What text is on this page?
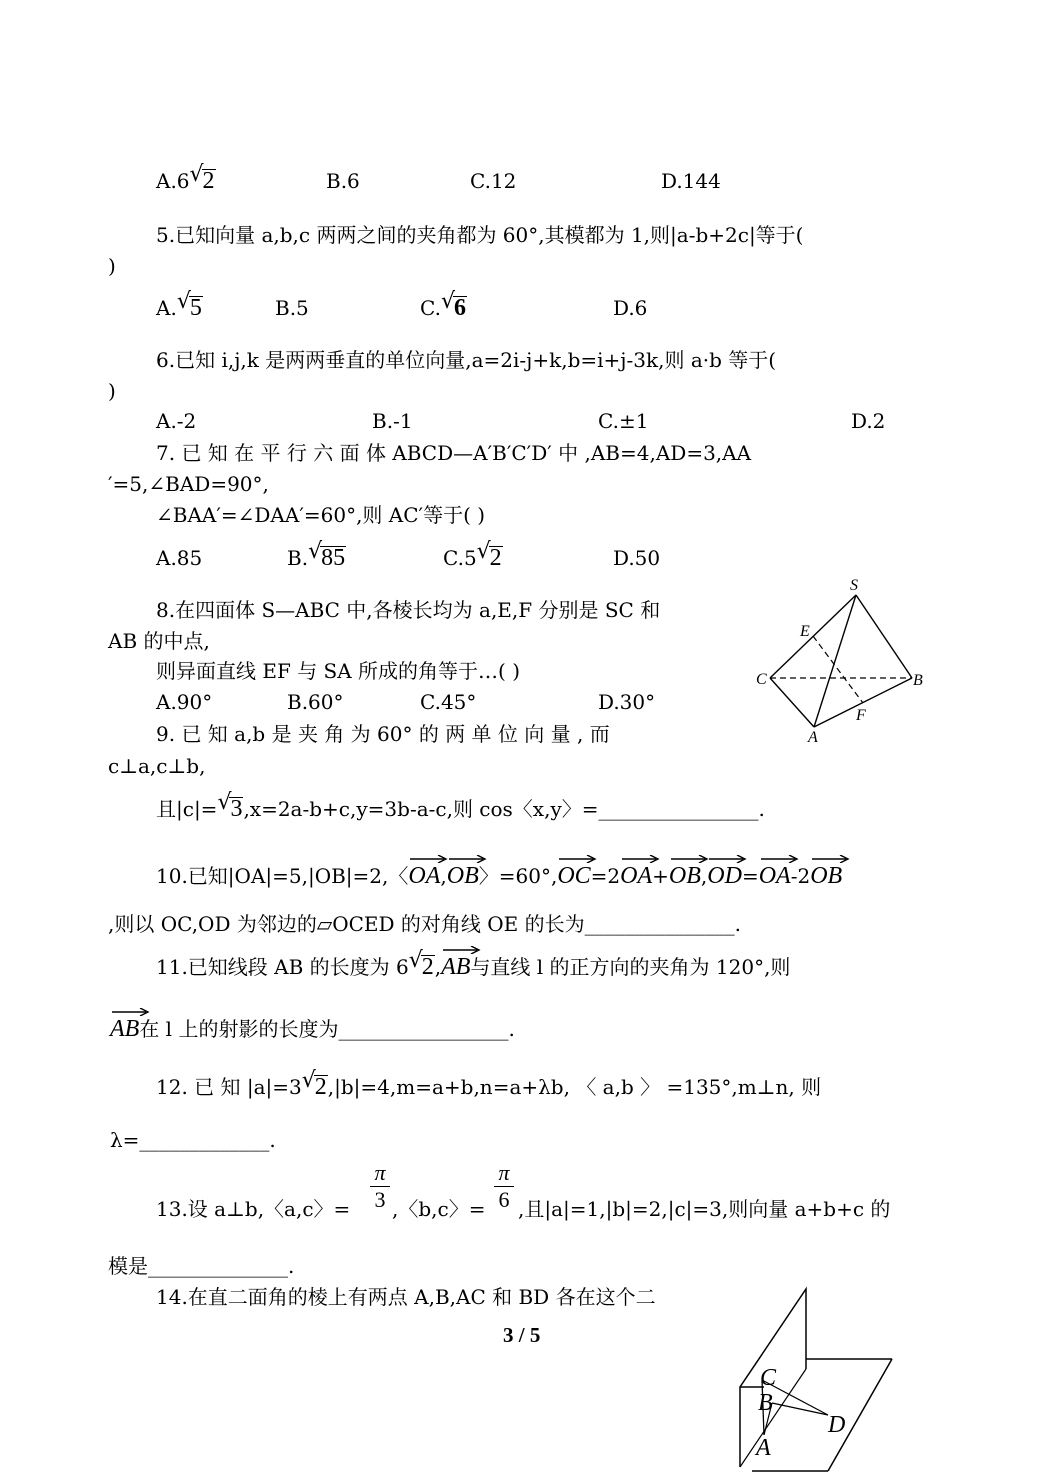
A.6 √
2	B.6	C.12	D.144
5.已知向量 a,b,c 两两之间的夹角都为 60°,其模都为 1,则|a-b+2c|等于(
)
A. √
5	B.5	C. √
6	D.6
6.已知 i,j,k 是两两垂直的单位向量,a=2i-j+k,b=i+j-3k,则 a·b 等于(
)
A.-2	B.-1	C.±1	D.2
7. 已 知 在 平 行 六 面 体 ABCD—A′B′C′D′ 中 ,AB=4,AD=3,AA
′=5,∠BAD=90°,
∠BAA′=∠DAA′=60°,则 AC′等于( )
A.85	B. √
85	C.5 √
2	D.50
8.在四面体 S—ABC 中,各棱长均为 a,E,F 分别是 SC 和
AB 的中点,
则异面直线 EF 与 SA 所成的角等于…( )
A.90°	B.60°	C.45°	D.30°
S
E
C	B
F
A
9. 已 知 a,b 是 夹 角 为 60° 的 两 单 位 向 量 , 而
c⊥a,c⊥b,
且|c|= √
3,x=2a-b+c,y=3b-a-c,则 cos〈x,y〉=________________.
10.已知|OA|=5,|OB|=2,〈
OA,
OB〉=60°,
OC=2
OA+
OB,
OD=
OA-2
OB
,则以 OC,OD 为邻边的▱OCED 的对角线 OE 的长为_______________.
11.已知线段 AB 的长度为 6 √
2,
AB与直线 l 的正方向的夹角为 120°,则
AB在 l 上的射影的长度为_________________.
12. 已 知 |a|=3 √
2,|b|=4,m=a+b,n=a+λb, 〈 a,b 〉 =135°,m⊥n, 则
λ=_____________.
13.设 a⊥b,〈a,c〉= $\frac{\pi}{3}$ ,〈b,c〉= $\frac{\pi}{6}$ ,且|a|=1,|b|=2,|c|=3,则向量 a+b+c 的
模是______________.
14.在直二面角的棱上有两点 A,B,AC 和 BD 各在这个二
3 / 5
C
B
D
A
